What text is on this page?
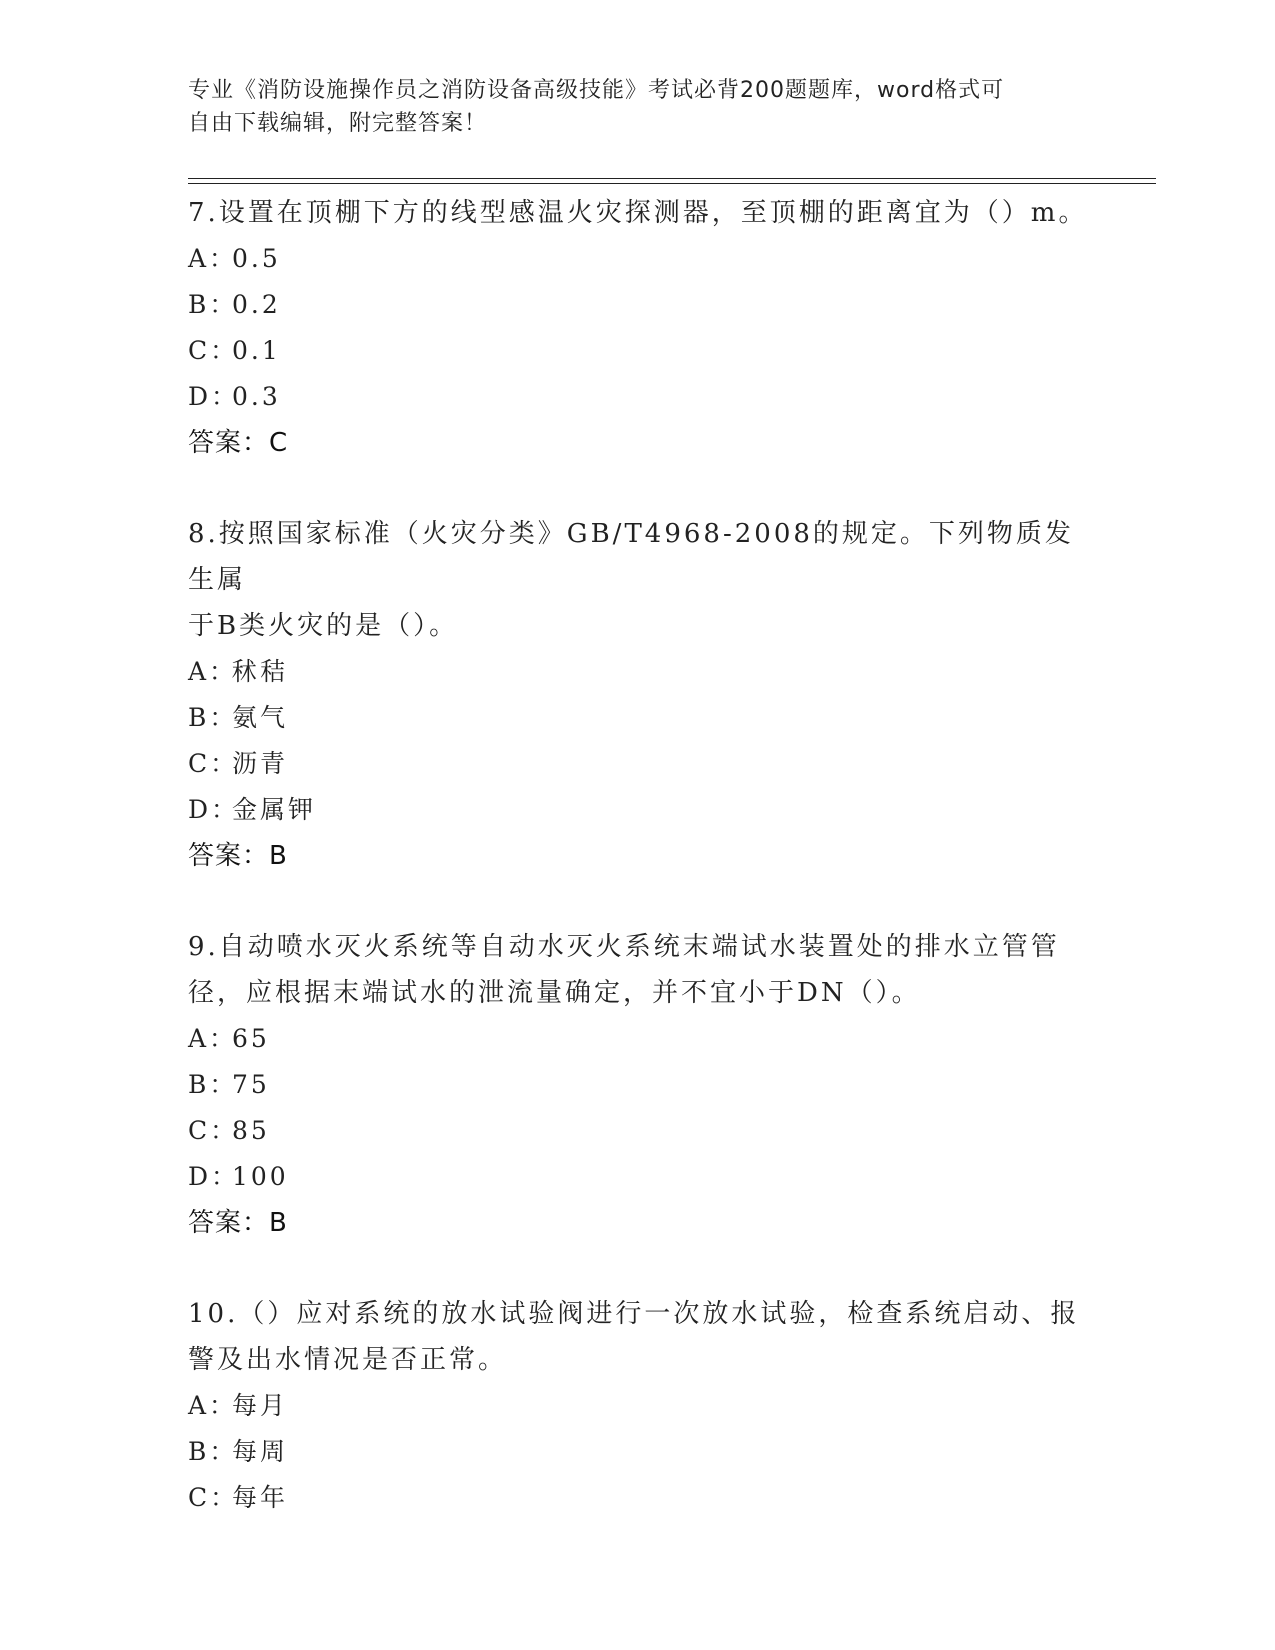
专业《消防设施操作员之消防设备高级技能》考试必背200题题库，word格式可
自由下载编辑，附完整答案！

7.设置在顶棚下方的线型感温火灾探测器，至顶棚的距离宜为（）m。

A：0.5

B：0.2

C：0.1

D：0.3

答案：C

8.按照国家标准（火灾分类》GB/T4968-2008的规定。下列物质发生属

于B类火灾的是（）。

A：秫秸

B：氨气

C：沥青

D：金属钾

答案：B

9.自动喷水灭火系统等自动水灭火系统末端试水装置处的排水立管管

径，应根据末端试水的泄流量确定，并不宜小于DN（）。

A：65

B：75

C：85

D：100

答案：B

10.（）应对系统的放水试验阀进行一次放水试验，检查系统启动、报

警及出水情况是否正常。

A：每月

B：每周

C：每年
